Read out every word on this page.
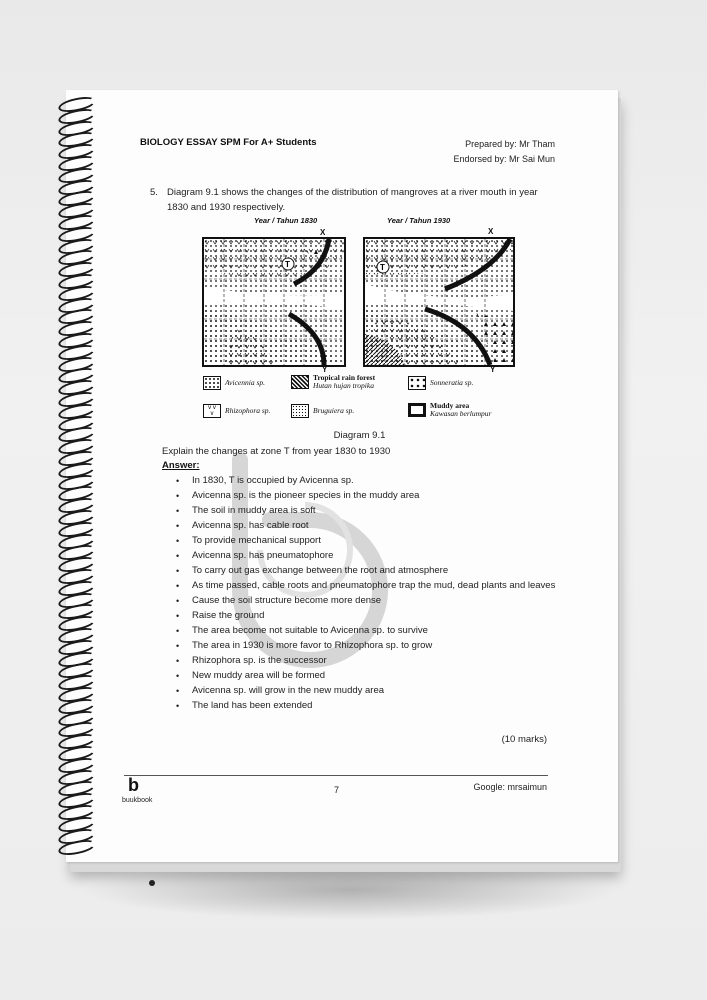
BIOLOGY ESSAY SPM For A+ Students	Prepared by: Mr Tham
Endorsed by: Mr Sai Mun
5. Diagram 9.1 shows the changes of the distribution of mangroves at a river mouth in year 1830 and 1930 respectively.
Year / Tahun 1830	Year / Tahun 1930
X	X
Y	Y
T	T
Avicennia sp.
Tropical rain forest
Hutan hujan tropika	Sonneratia sp.
v v
v	Rhizophora sp.	Bruguiera sp.
Muddy area
Kawasan berlumpur
Diagram 9.1
Explain the changes at zone T from year 1830 to 1930
Answer:
• In 1830, T is occupied by Avicenna sp.
• Avicenna sp. is the pioneer species in the muddy area
• The soil in muddy area is soft
• Avicenna sp. has cable root
• To provide mechanical support
• Avicenna sp. has pneumatophore
• To carry out gas exchange between the root and atmosphere
• As time passed, cable roots and pneumatophore trap the mud, dead plants and leaves
• Cause the soil structure become more dense
• Raise the ground
• The area become not suitable to Avicenna sp. to survive
• The area in 1930 is more favor to Rhizophora sp. to grow
• Rhizophora sp. is the successor
• New muddy area will be formed
• Avicenna sp. will grow in the new muddy area
• The land has been extended
(10 marks)
b
buukbook
7	Google: mrsaimun
